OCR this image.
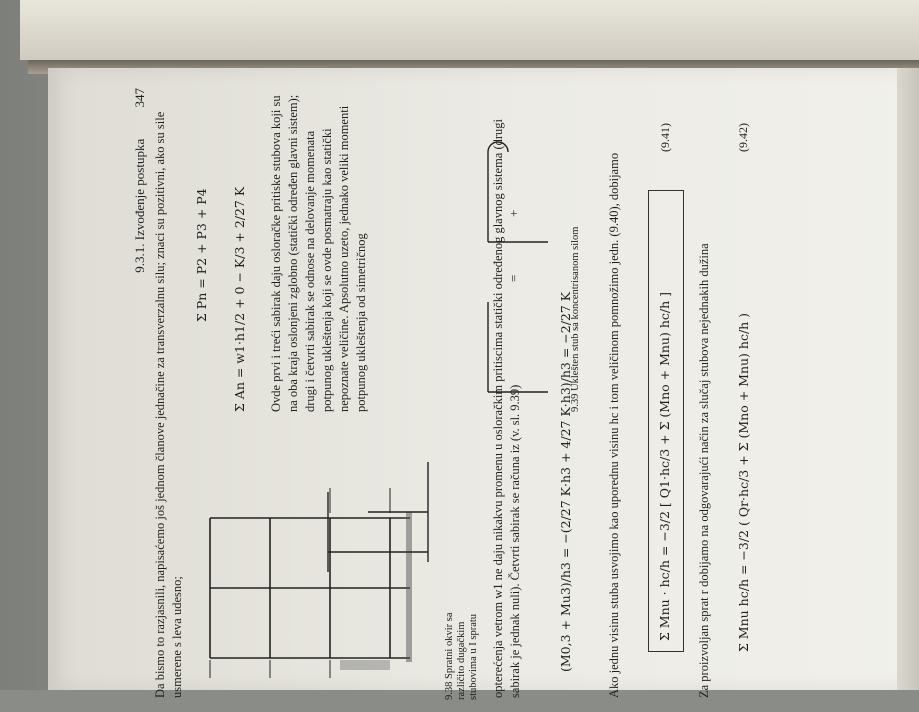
9.3.1. Izvođenje postupka 347
Da bismo to razjasnili, napisaćemo još jednom članove jednačine za transverzalnu silu; znaci su pozitivni, ako su sile usmerene s leva udesno;	9.38 Spratni okvir sa različito dugačkim stubovima u I spratu
Σ Pn = P2 + P3 + P4 Σ An = w1·h1/2 + 0 − K/3 + 2/27 K Ovde prvi i treći sabirak daju osloračke pritiske stubova koji su na oba kraja oslonjeni zglobno (statički određen glavni sistem); drugi i četvrti sabirak se odnose na delovanje momenata potpunog ukleštenja koji se ovde posmatraju kao statički nepoznate veličine. Apsolutno uzeto, jednako veliki momenti potpunog ukleštenja od simetričnog	=
+
9.39 Uklešten stub sa koncentrisanom silom
opterećenja vetrom w1 ne daju nikakvu promenu u osloračkim pritiscima statički određenog glavnog sistema (drugi sabirak je jednak nuli). Četvrti sabirak se računa iz (v. sl. 9.39)	(M0,3 + Mu3)/h3 = −(2/27 K·h3 + 4/27 K·h3)/h3 = −2/27 K	Ako jednu visinu stuba usvojimo kao uporednu visinu hc i tom veličinom pomnožimo jedn. (9.40), dobijamo	Σ Mnu · hc/h = −3/2 [ Q1·hc/3 + Σ (Mno + Mnu) hc/h ]
(9.41)
Za proizvoljan sprat r dobijamo na odgovarajući način za slučaj stubova nejednakih dužina Σ Mnu hc/h = −3/2 ( Qr·hc/3 + Σ (Mno + Mnu) hc/h )
(9.42)
